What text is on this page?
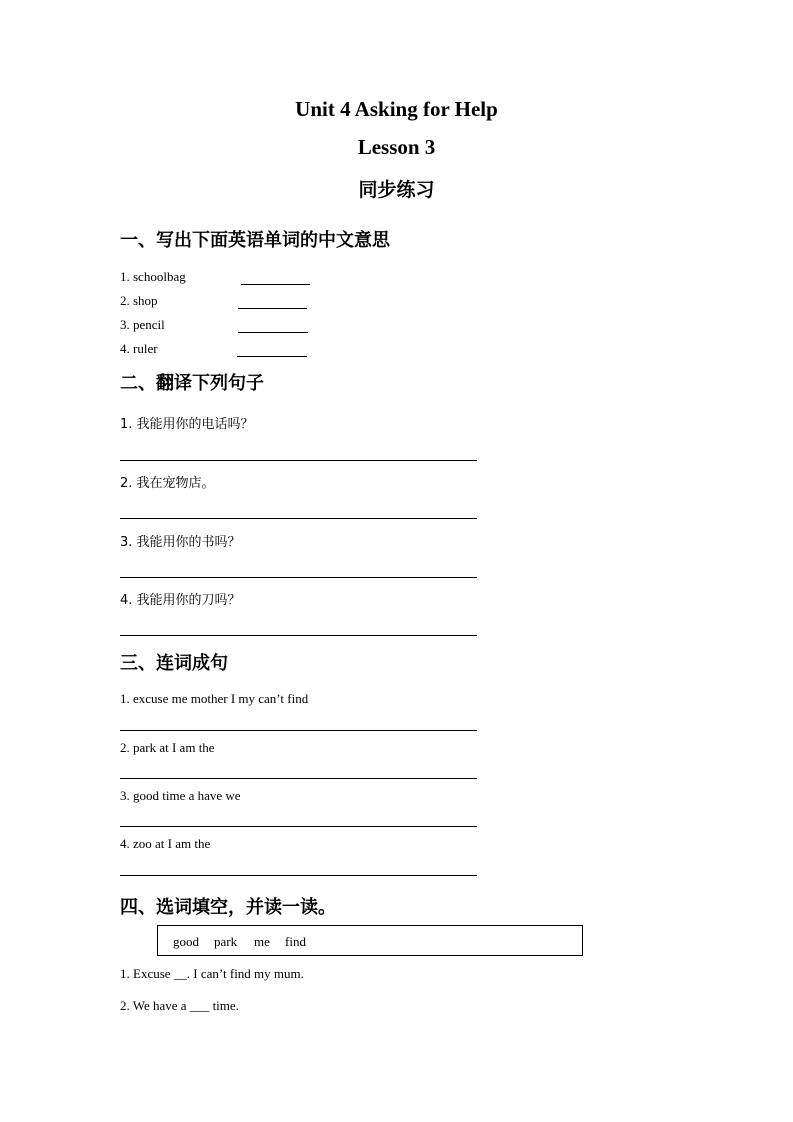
Unit 4 Asking for Help
Lesson 3
同步练习
一、写出下面英语单词的中文意思
1. schoolbag
2. shop
3. pencil
4. ruler
二、翻译下列句子
1. 我能用你的电话吗？
2. 我在宠物店。
3. 我能用你的书吗？
4. 我能用你的刀吗？
三、连词成句
1. excuse me mother I my can’t find
2. park at I am the
3. good time a have we
4. zoo at I am the
四、选词填空，并读一读。
good park me find
1. Excuse __. I can’t find my mum.
2. We have a ___ time.
